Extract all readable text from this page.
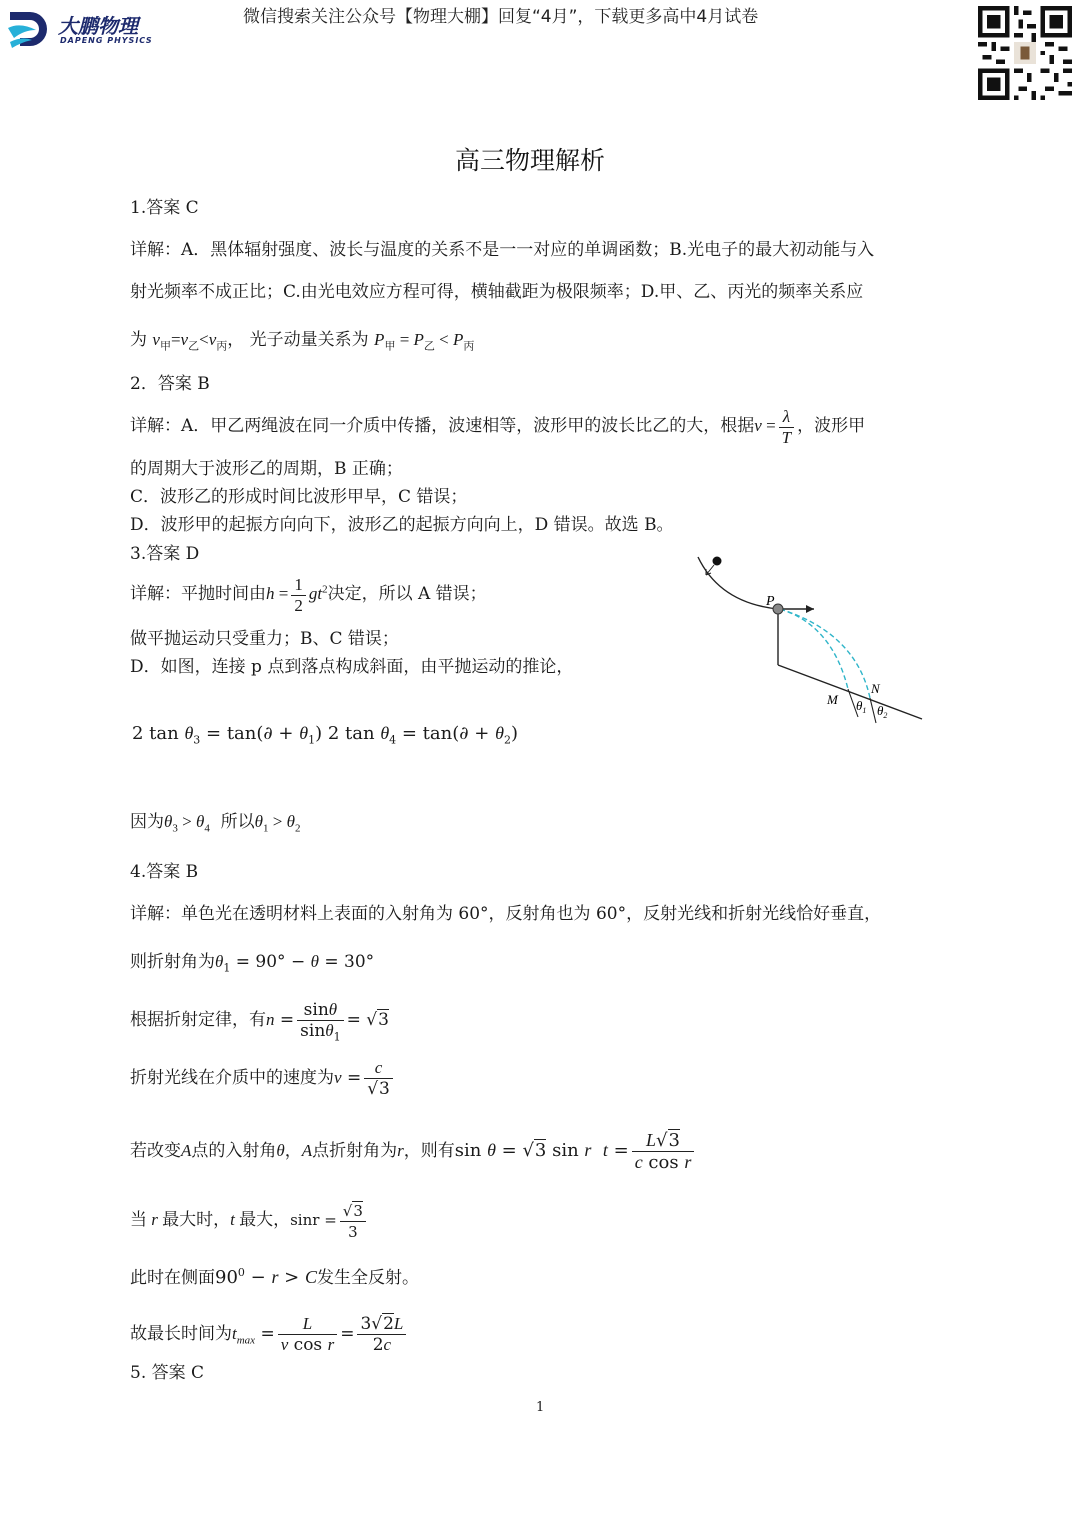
大鹏物理
DAPENG PHYSICS
微信搜索关注公众号【物理大棚】回复“4月”，下载更多高中4月试卷
高三物理解析
1.答案 C
详解：A．黑体辐射强度、波长与温度的关系不是一一对应的单调函数；B.光电子的最大初动能与入
射光频率不成正比；C.由光电效应方程可得，横轴截距为极限频率；D.甲、乙、丙光的频率关系应
为 $v_甲=v_乙<v_丙$， 光子动量关系为 $P_甲 = P_乙 < P_丙$
2．答案 B
详解：A．甲乙两绳波在同一介质中传播，波速相等，波形甲的波长比乙的大，根据$v = \frac{\lambda}{T}$ ，波形甲
的周期大于波形乙的周期，B 正确；
C．波形乙的形成时间比波形甲早，C 错误；
D．波形甲的起振方向向下，波形乙的起振方向向上，D 错误。故选 B。
3.答案 D
详解：平抛时间由$h = \frac{1}{2} gt^2$决定，所以 A 错误；
做平抛运动只受重力；B、C 错误；
D．如图，连接 p 点到落点构成斜面，由平抛运动的推论，
2 $\tan \theta_3 = \tan(\partial + \theta_1)$ 2 $\tan \theta_4 = \tan(\partial + \theta_2)$
因为$\theta_3 > \theta_4$ 所以$\theta_1 > \theta_2$
P
M
N
$\theta_1$ $\theta_2$
4.答案 B
详解：单色光在透明材料上表面的入射角为 60°，反射角也为 60°，反射光线和折射光线恰好垂直，
则折射角为$\theta_1 = 90^\circ - \theta = 30^\circ$
根据折射定律，有$n = \frac{\sin\theta}{\sin\theta_1} = √3$
折射光线在介质中的速度为$v = \frac{c}{√3}$
若改变A点的入射角θ，A点折射角为r，则有sin θ = √3 sin r $t = \frac{L√3}{\text{c cos r}}$
当 r 最大时，t 最大，$\sin r = \frac{√3}{3}$
此时在侧面$90^0 - r > C$发生全反射。
故最长时间为$t_{max} = \frac{L}{\text{v cos r}} = \frac{3√2L}{2c}$
5. 答案 C
1
